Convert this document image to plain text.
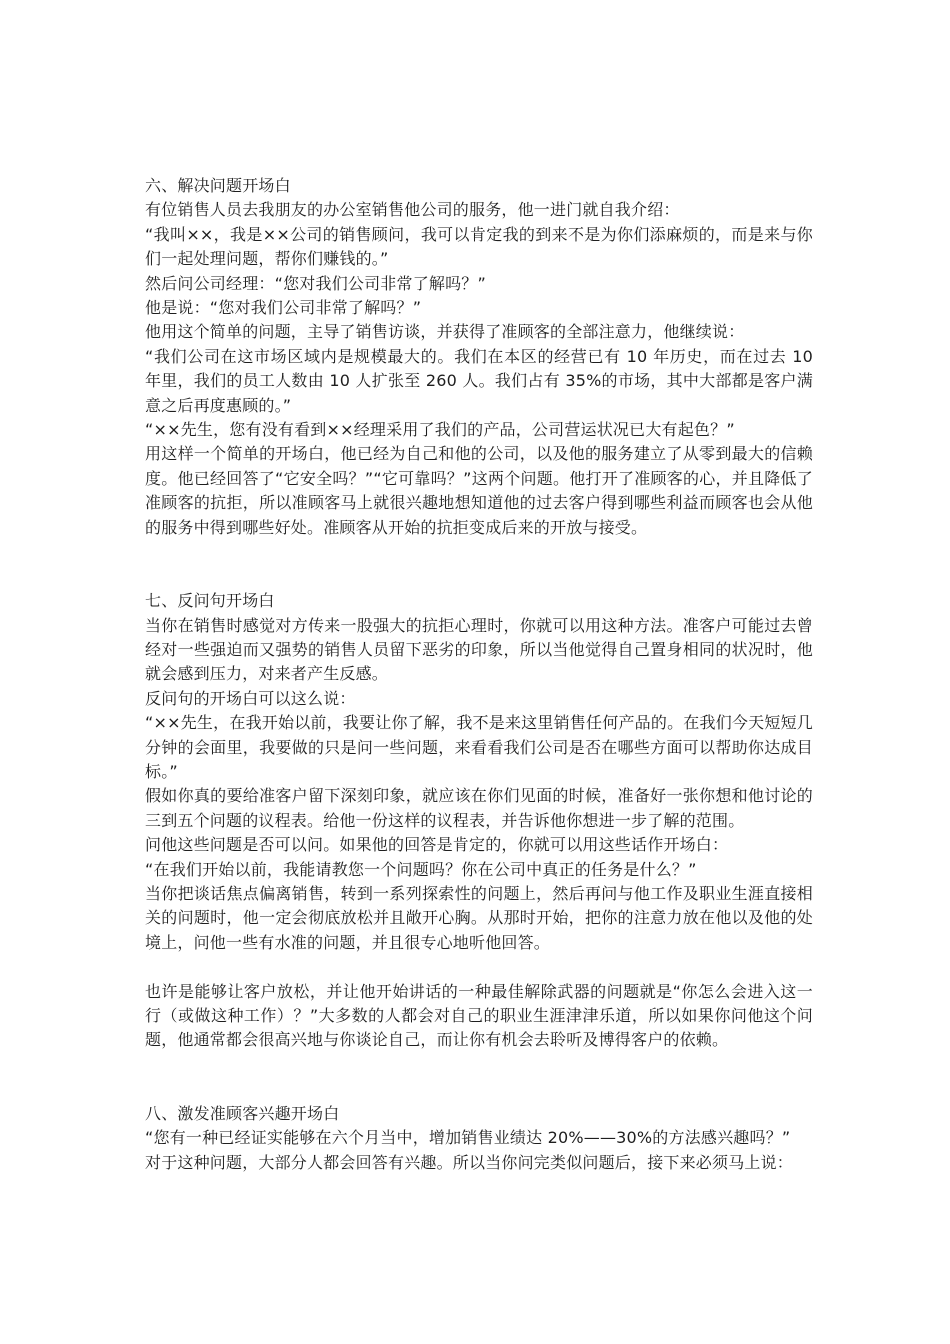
六、解决问题开场白

有位销售人员去我朋友的办公室销售他公司的服务，他一进门就自我介绍：

“我叫××，我是××公司的销售顾问，我可以肯定我的到来不是为你们添麻烦的，而是来与你们一起处理问题，帮你们赚钱的。”

然后问公司经理：“您对我们公司非常了解吗？”

他是说：“您对我们公司非常了解吗？”

他用这个简单的问题，主导了销售访谈，并获得了准顾客的全部注意力，他继续说：

“我们公司在这市场区域内是规模最大的。我们在本区的经营已有 10 年历史，而在过去 10 年里，我们的员工人数由 10 人扩张至 260 人。我们占有 35%的市场，其中大部都是客户满意之后再度惠顾的。”

“××先生，您有没有看到××经理采用了我们的产品，公司营运状况已大有起色？”

用这样一个简单的开场白，他已经为自己和他的公司，以及他的服务建立了从零到最大的信赖度。他已经回答了“它安全吗？”“它可靠吗？”这两个问题。他打开了准顾客的心，并且降低了准顾客的抗拒，所以准顾客马上就很兴趣地想知道他的过去客户得到哪些利益而顾客也会从他的服务中得到哪些好处。准顾客从开始的抗拒变成后来的开放与接受。

七、反问句开场白

当你在销售时感觉对方传来一股强大的抗拒心理时，你就可以用这种方法。准客户可能过去曾经对一些强迫而又强势的销售人员留下恶劣的印象，所以当他觉得自己置身相同的状况时，他就会感到压力，对来者产生反感。

反问句的开场白可以这么说：

“××先生，在我开始以前，我要让你了解，我不是来这里销售任何产品的。在我们今天短短几分钟的会面里，我要做的只是问一些问题，来看看我们公司是否在哪些方面可以帮助你达成目标。”

假如你真的要给准客户留下深刻印象，就应该在你们见面的时候，准备好一张你想和他讨论的三到五个问题的议程表。给他一份这样的议程表，并告诉他你想进一步了解的范围。

问他这些问题是否可以问。如果他的回答是肯定的，你就可以用这些话作开场白：

“在我们开始以前，我能请教您一个问题吗？你在公司中真正的任务是什么？”

当你把谈话焦点偏离销售，转到一系列探索性的问题上，然后再问与他工作及职业生涯直接相关的问题时，他一定会彻底放松并且敞开心胸。从那时开始，把你的注意力放在他以及他的处境上，问他一些有水准的问题，并且很专心地听他回答。

也许是能够让客户放松，并让他开始讲话的一种最佳解除武器的问题就是“你怎么会进入这一行（或做这种工作）？”大多数的人都会对自己的职业生涯津津乐道，所以如果你问他这个问题，他通常都会很高兴地与你谈论自己，而让你有机会去聆听及博得客户的依赖。

八、激发准顾客兴趣开场白

“您有一种已经证实能够在六个月当中，增加销售业绩达 20%——30%的方法感兴趣吗？”

对于这种问题，大部分人都会回答有兴趣。所以当你问完类似问题后，接下来必须马上说：
